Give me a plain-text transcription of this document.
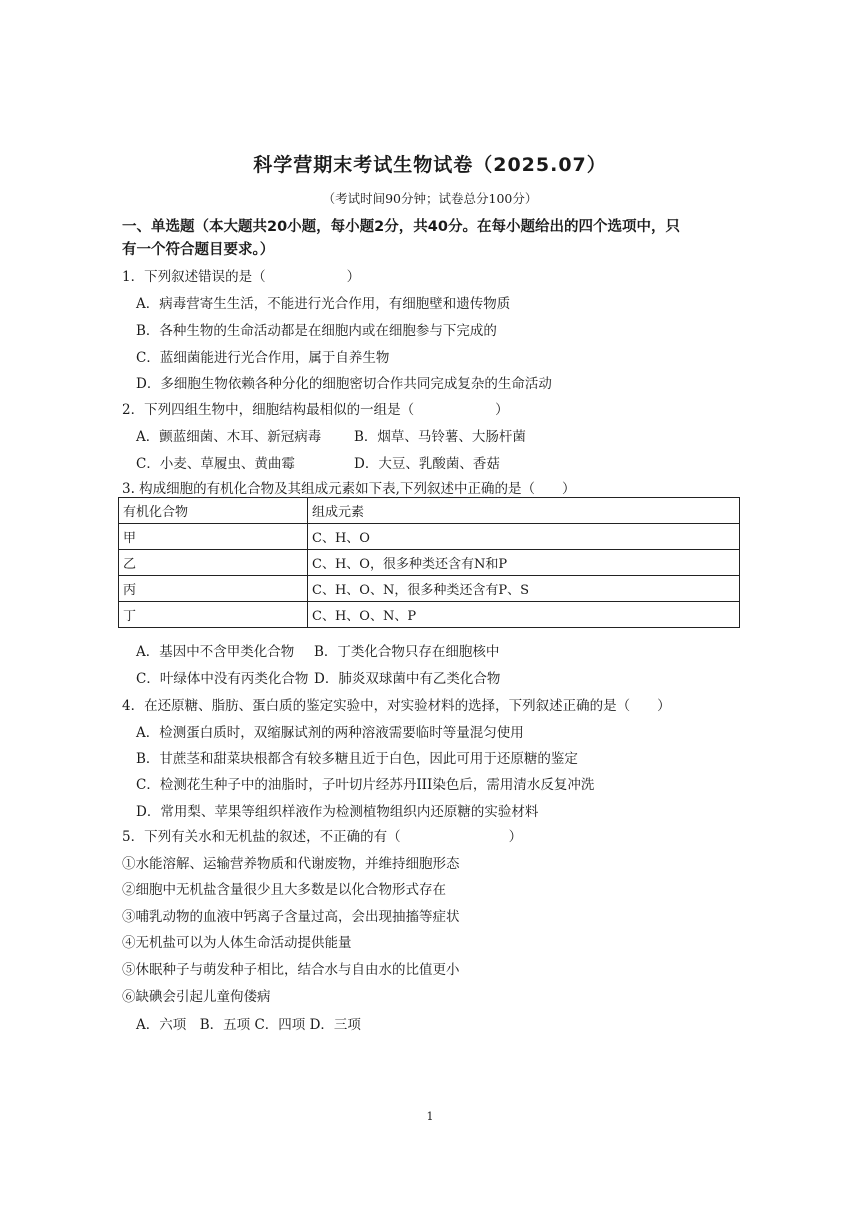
科学营期末考试生物试卷（2025.07）
（考试时间90分钟；试卷总分100分）
一、单选题（本大题共20小题，每小题2分，共40分。在每小题给出的四个选项中，只
有一个符合题目要求。）
1．下列叙述错误的是（　　　　　　）
A．病毒营寄生生活，不能进行光合作用，有细胞壁和遗传物质
B．各种生物的生命活动都是在细胞内或在细胞参与下完成的
C．蓝细菌能进行光合作用，属于自养生物
D．多细胞生物依赖各种分化的细胞密切合作共同完成复杂的生命活动
2．下列四组生物中，细胞结构最相似的一组是（　　　　　　）
A．颤蓝细菌、木耳、新冠病毒 B．烟草、马铃薯、大肠杆菌
C．小麦、草履虫、黄曲霉	D．大豆、乳酸菌、香菇
3. 构成细胞的有机化合物及其组成元素如下表,下列叙述中正确的是（　　）
有机化合物	组成元素
甲	C、H、O
乙	C、H、O，很多种类还含有N和P
丙	C、H、O、N，很多种类还含有P、S
丁	C、H、O、N、P
A．基因中不含甲类化合物 B．丁类化合物只存在细胞核中
C．叶绿体中没有丙类化合物 D．肺炎双球菌中有乙类化合物
4．在还原糖、脂肪、蛋白质的鉴定实验中，对实验材料的选择，下列叙述正确的是（　　）
A．检测蛋白质时，双缩脲试剂的两种溶液需要临时等量混匀使用
B．甘蔗茎和甜菜块根都含有较多糖且近于白色，因此可用于还原糖的鉴定
C．检测花生种子中的油脂时，子叶切片经苏丹III染色后，需用清水反复冲洗
D．常用梨、苹果等组织样液作为检测植物组织内还原糖的实验材料
5．下列有关水和无机盐的叙述，不正确的有（　　　　　　　　）
①水能溶解、运输营养物质和代谢废物，并维持细胞形态
②细胞中无机盐含量很少且大多数是以化合物形式存在
③哺乳动物的血液中钙离子含量过高，会出现抽搐等症状
④无机盐可以为人体生命活动提供能量
⑤休眠种子与萌发种子相比，结合水与自由水的比值更小
⑥缺碘会引起儿童佝偻病
A．六项　B．五项 C．四项 D．三项
1
